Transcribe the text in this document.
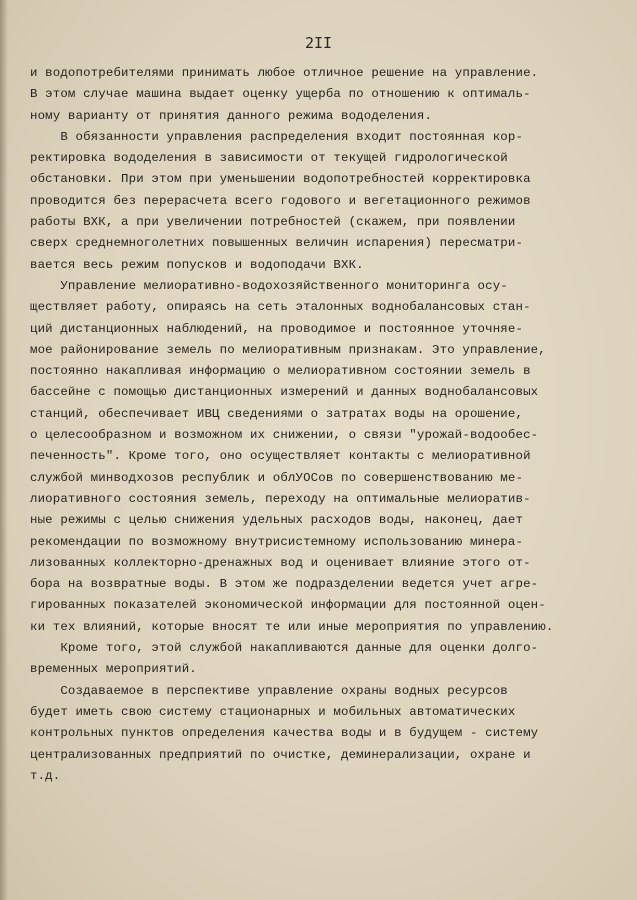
2II
и водопотребителями принимать любое отличное решение на управление.
В этом случае машина выдает оценку ущерба по отношению к оптималь-
ному варианту от принятия данного режима вододеления.
В обязанности управления распределения входит постоянная кор-
ректировка вододеления в зависимости от текущей гидрологической
обстановки. При этом при уменьшении водопотребностей корректировка
проводится без перерасчета всего годового и вегетационного режимов
работы ВХК, а при увеличении потребностей (скажем, при появлении
сверх среднемноголетних повышенных величин испарения) пересматри-
вается весь режим попусков и водоподачи ВХК.
Управление мелиоративно-водохозяйственного мониторинга осу-
ществляет работу, опираясь на сеть эталонных воднобалансовых стан-
ций дистанционных наблюдений, на проводимое и постоянное уточняе-
мое районирование земель по мелиоративным признакам. Это управление,
постоянно накапливая информацию о мелиоративном состоянии земель в
бассейне с помощью дистанционных измерений и данных воднобалансовых
станций, обеспечивает ИВЦ сведениями о затратах воды на орошение,
о целесообразном и возможном их снижении, о связи "урожай-водообес-
печенность". Кроме того, оно осуществляет контакты с мелиоративной
службой минводхозов республик и облУОСов по совершенствованию ме-
лиоративного состояния земель, переходу на оптимальные мелиоратив-
ные режимы с целью снижения удельных расходов воды, наконец, дает
рекомендации по возможному внутрисистемному использованию минера-
лизованных коллекторно-дренажных вод и оценивает влияние этого от-
бора на возвратные воды. В этом же подразделении ведется учет агре-
гированных показателей экономической информации для постоянной оцен-
ки тех влияний, которые вносят те или иные мероприятия по управлению.
Кроме того, этой службой накапливаются данные для оценки долго-
временных мероприятий.
Создаваемое в перспективе управление охраны водных ресурсов
будет иметь свою систему стационарных и мобильных автоматических
контрольных пунктов определения качества воды и в будущем - систему
централизованных предприятий по очистке, деминерализации, охране и
т.д.
